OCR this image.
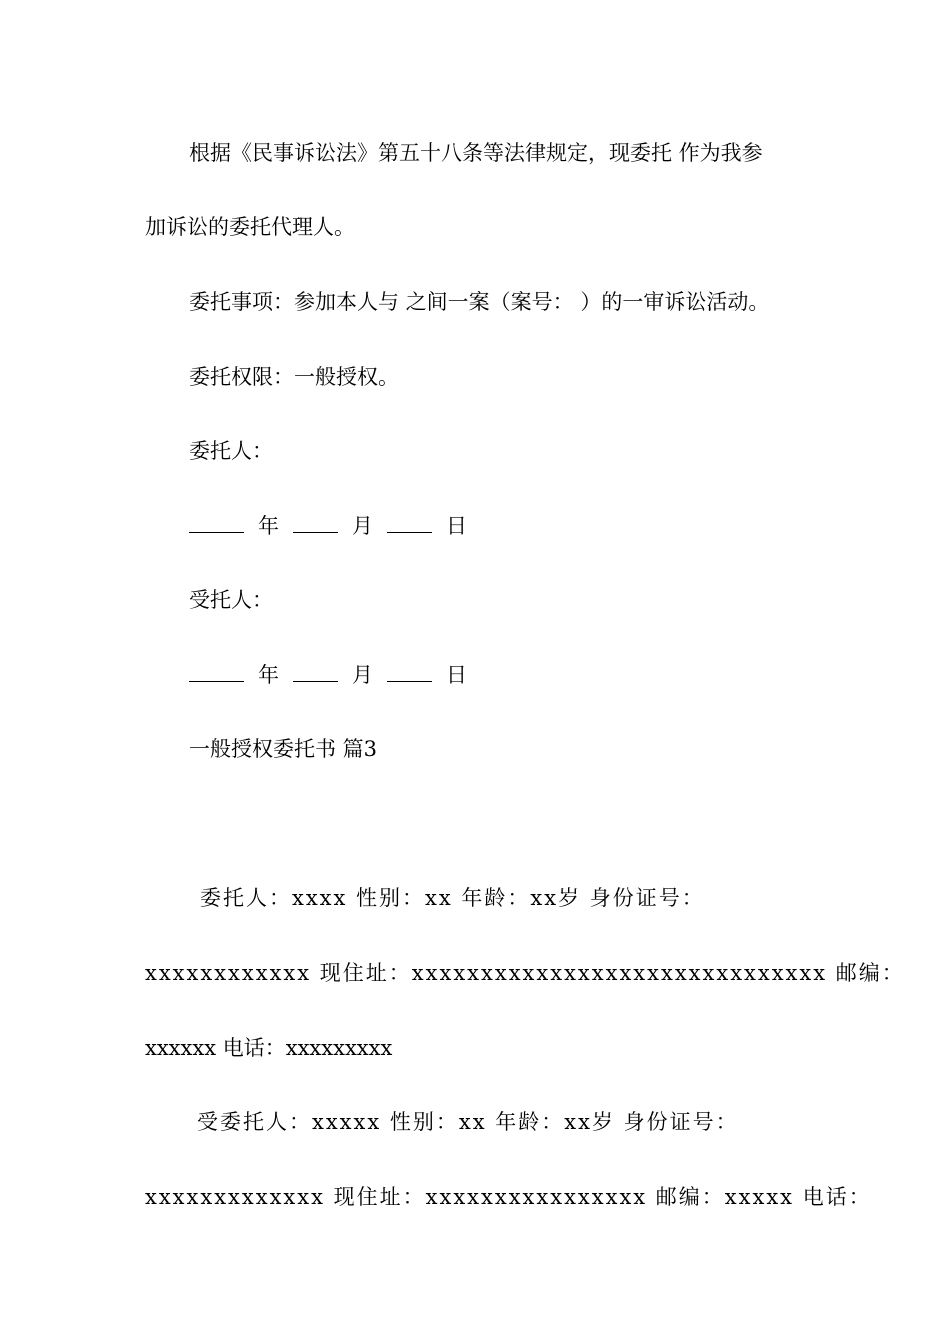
根据《民事诉讼法》第五十八条等法律规定，现委托 作为我参
加诉讼的委托代理人。
委托事项：参加本人与 之间一案（案号： ）的一审诉讼活动。
委托权限：一般授权。
委托人：
年	月	日
受托人：
年	月	日
一般授权委托书 篇3
委托人：xxxx 性别：xx 年龄：xx岁 身份证号：
xxxxxxxxxxxx 现住址：xxxxxxxxxxxxxxxxxxxxxxxxxxxxxx 邮编：
xxxxxx 电话：xxxxxxxxx
受委托人：xxxxx 性别：xx 年龄：xx岁 身份证号：
xxxxxxxxxxxxx 现住址：xxxxxxxxxxxxxxxx 邮编：xxxxx 电话：
